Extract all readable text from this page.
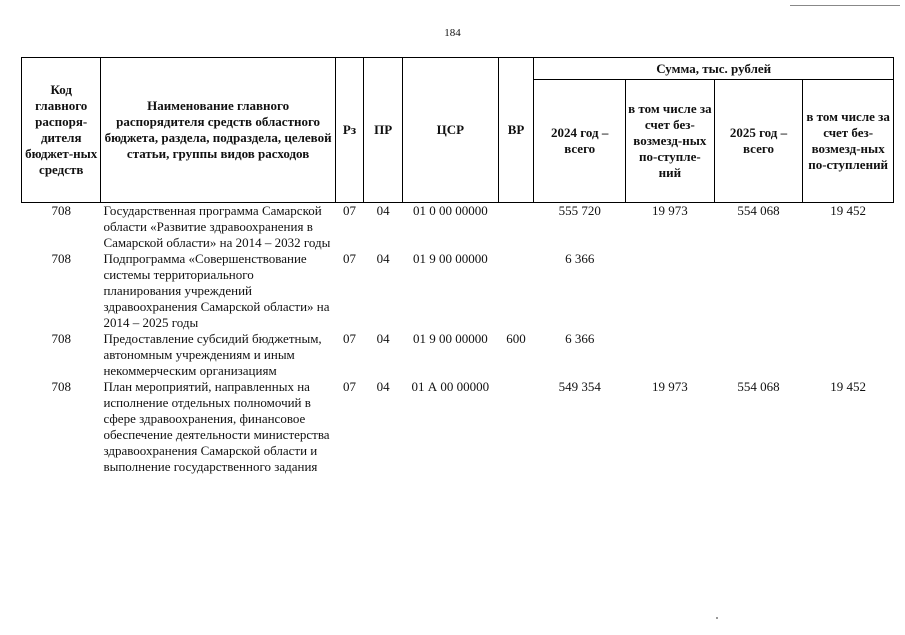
184
Код главного распоря-дителя бюджет-ных средств	Наименование главного распорядителя средств областного бюджета, раздела, подраздела, целевой статьи, группы видов расходов	Рз	ПР	ЦСР	ВР	Сумма, тыс. рублей			
						2024 год – всего	в том числе за счет без-возмезд-ных по-ступле-ний	2025 год – всего	в том числе за счет без-возмезд-ных по-ступлений
708	Государственная программа Самарской области «Развитие здравоохранения в Самарской области» на 2014 – 2032 годы	07	04	01 0 00 00000		555 720	19 973	554 068	19 452
708	Подпрограмма «Совершенствование системы территориального планирования учреждений здравоохранения Самарской области» на 2014 – 2025 годы	07	04	01 9 00 00000		6 366			
708	Предоставление субсидий бюджетным, автономным учреждениям и иным некоммерческим организациям	07	04	01 9 00 00000	600	6 366			
708	План мероприятий, направленных на исполнение отдельных полномочий в сфере здравоохранения, финансовое обеспечение деятельности министерства здравоохранения Самарской области и выполнение государственного задания	07	04	01 А 00 00000		549 354	19 973	554 068	19 452
